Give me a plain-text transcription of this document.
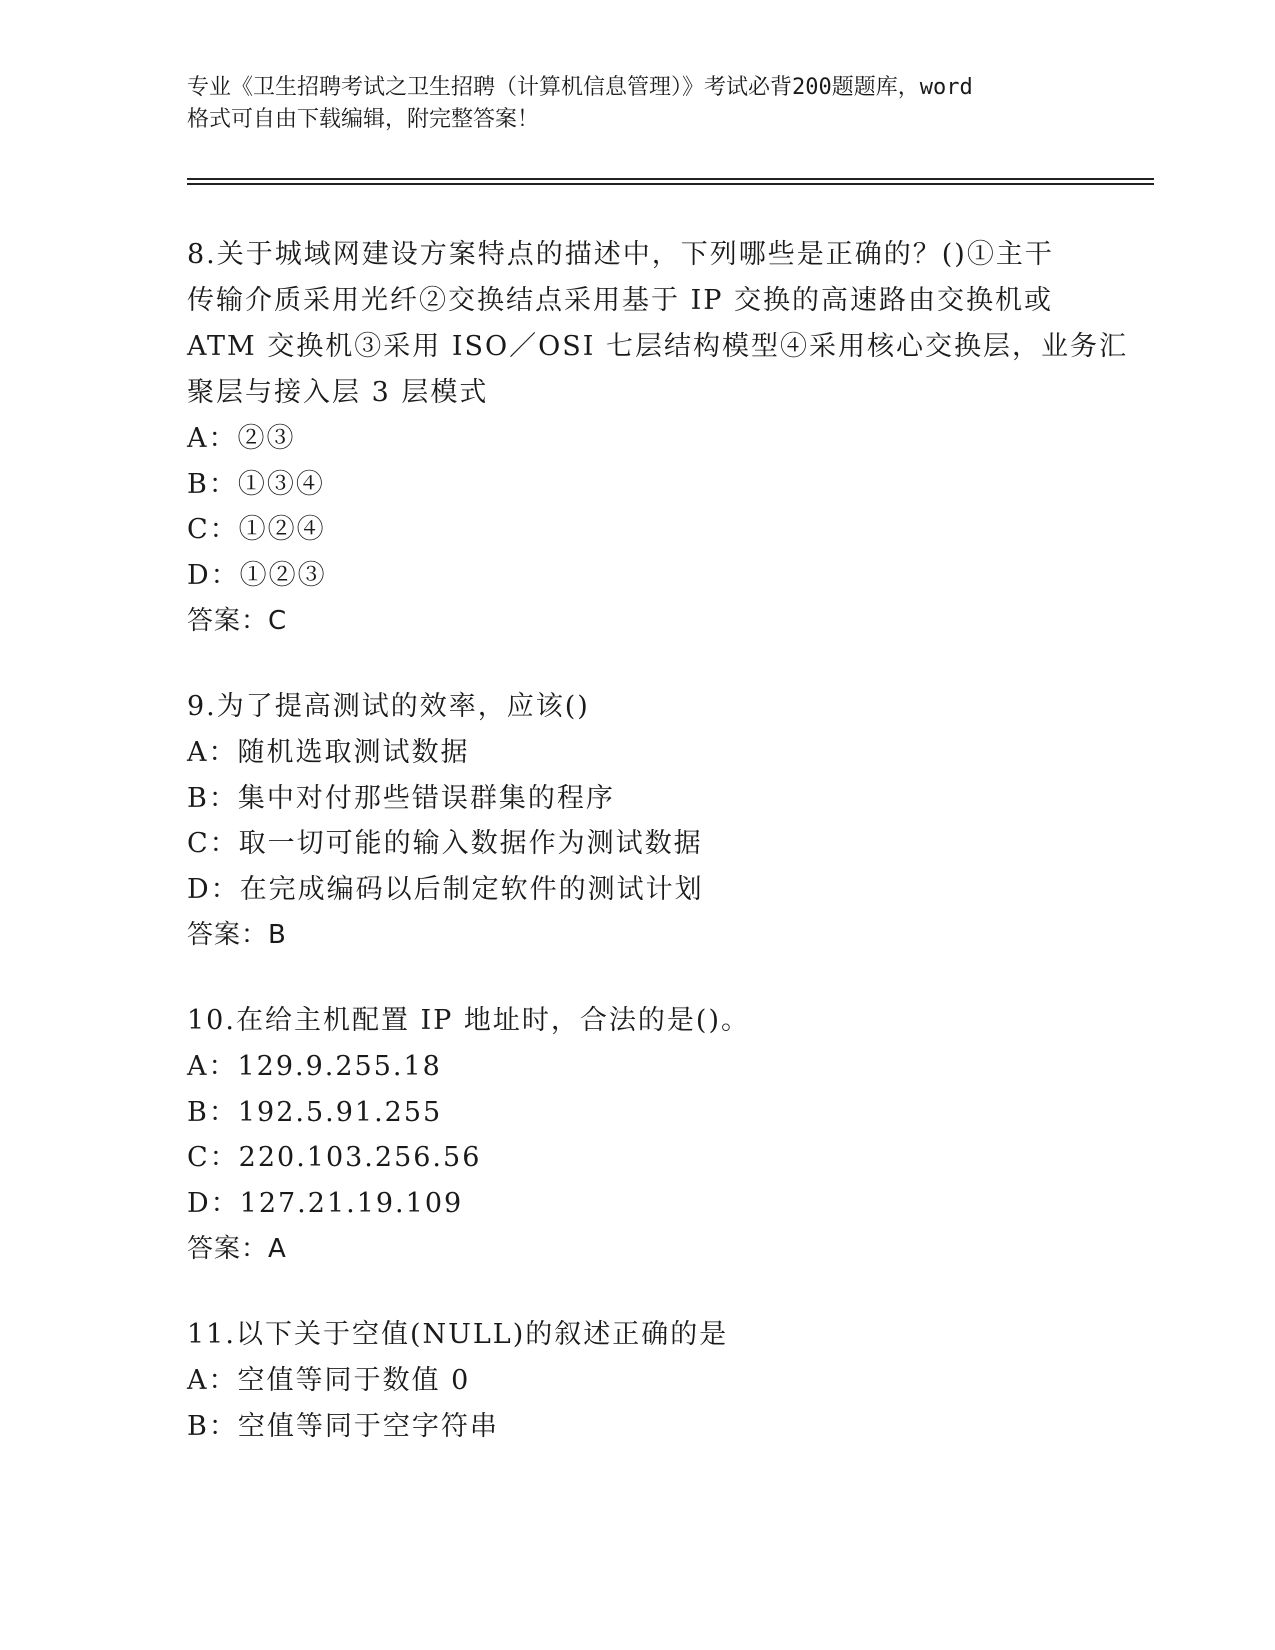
专业《卫生招聘考试之卫生招聘（计算机信息管理）》考试必背200题题库，word
格式可自由下载编辑，附完整答案！
8.关于城域网建设方案特点的描述中，下列哪些是正确的？()①主干
传输介质采用光纤②交换结点采用基于 IP 交换的高速路由交换机或
ATM 交换机③采用 ISO／OSI 七层结构模型④采用核心交换层，业务汇
聚层与接入层 3 层模式
A：②③
B：①③④
C：①②④
D：①②③
答案：C
9.为了提高测试的效率，应该()
A：随机选取测试数据
B：集中对付那些错误群集的程序
C：取一切可能的输入数据作为测试数据
D：在完成编码以后制定软件的测试计划
答案：B
10.在给主机配置 IP 地址时，合法的是()。
A：129.9.255.18
B：192.5.91.255
C：220.103.256.56
D：127.21.19.109
答案：A
11.以下关于空值(NULL)的叙述正确的是
A：空值等同于数值 0
B：空值等同于空字符串
